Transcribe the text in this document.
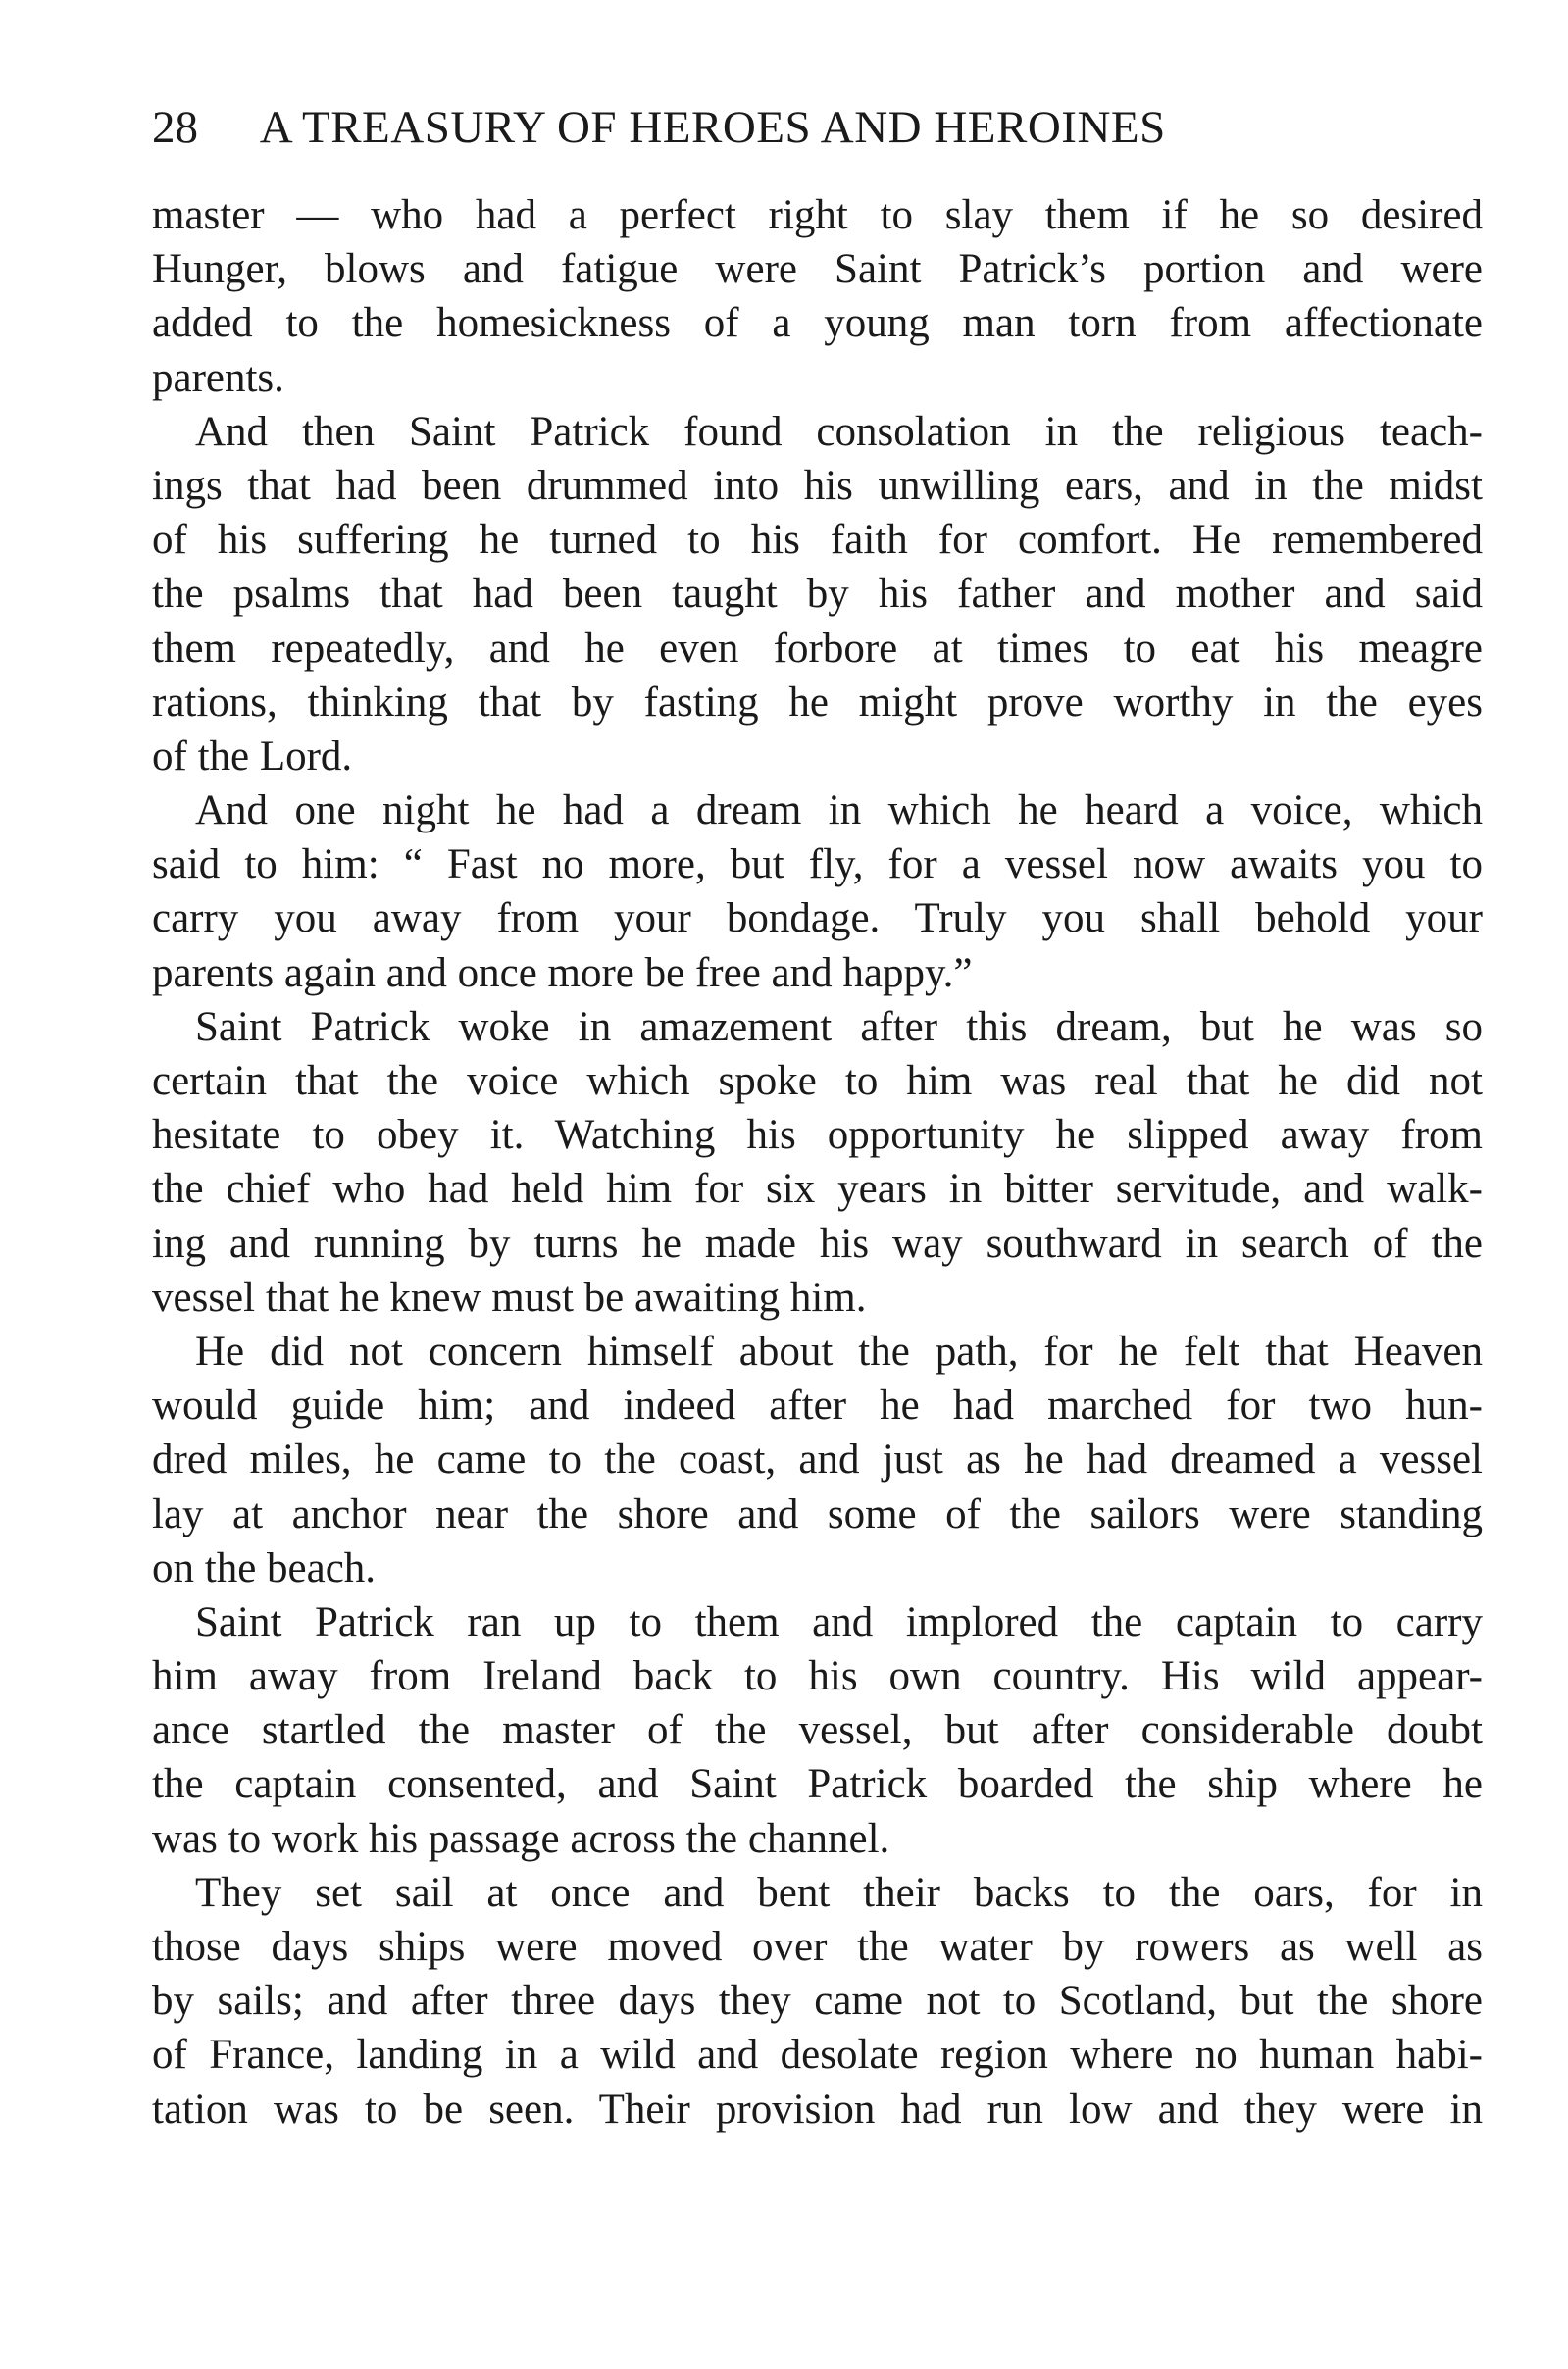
28 A TREASURY OF HEROES AND HEROINES
master — who had a perfect right to slay them if he so desired
Hunger, blows and fatigue were Saint Patrick’s portion and were
added to the homesickness of a young man torn from affectionate
parents.
And then Saint Patrick found consolation in the religious teach-
ings that had been drummed into his unwilling ears, and in the midst
of his suffering he turned to his faith for comfort. He remembered
the psalms that had been taught by his father and mother and said
them repeatedly, and he even forbore at times to eat his meagre
rations, thinking that by fasting he might prove worthy in the eyes
of the Lord.
And one night he had a dream in which he heard a voice, which
said to him: “ Fast no more, but fly, for a vessel now awaits you to
carry you away from your bondage. Truly you shall behold your
parents again and once more be free and happy.”
Saint Patrick woke in amazement after this dream, but he was so
certain that the voice which spoke to him was real that he did not
hesitate to obey it. Watching his opportunity he slipped away from
the chief who had held him for six years in bitter servitude, and walk-
ing and running by turns he made his way southward in search of the
vessel that he knew must be awaiting him.
He did not concern himself about the path, for he felt that Heaven
would guide him; and indeed after he had marched for two hun-
dred miles, he came to the coast, and just as he had dreamed a vessel
lay at anchor near the shore and some of the sailors were standing
on the beach.
Saint Patrick ran up to them and implored the captain to carry
him away from Ireland back to his own country. His wild appear-
ance startled the master of the vessel, but after considerable doubt
the captain consented, and Saint Patrick boarded the ship where he
was to work his passage across the channel.
They set sail at once and bent their backs to the oars, for in
those days ships were moved over the water by rowers as well as
by sails; and after three days they came not to Scotland, but the shore
of France, landing in a wild and desolate region where no human habi-
tation was to be seen. Their provision had run low and they were in
